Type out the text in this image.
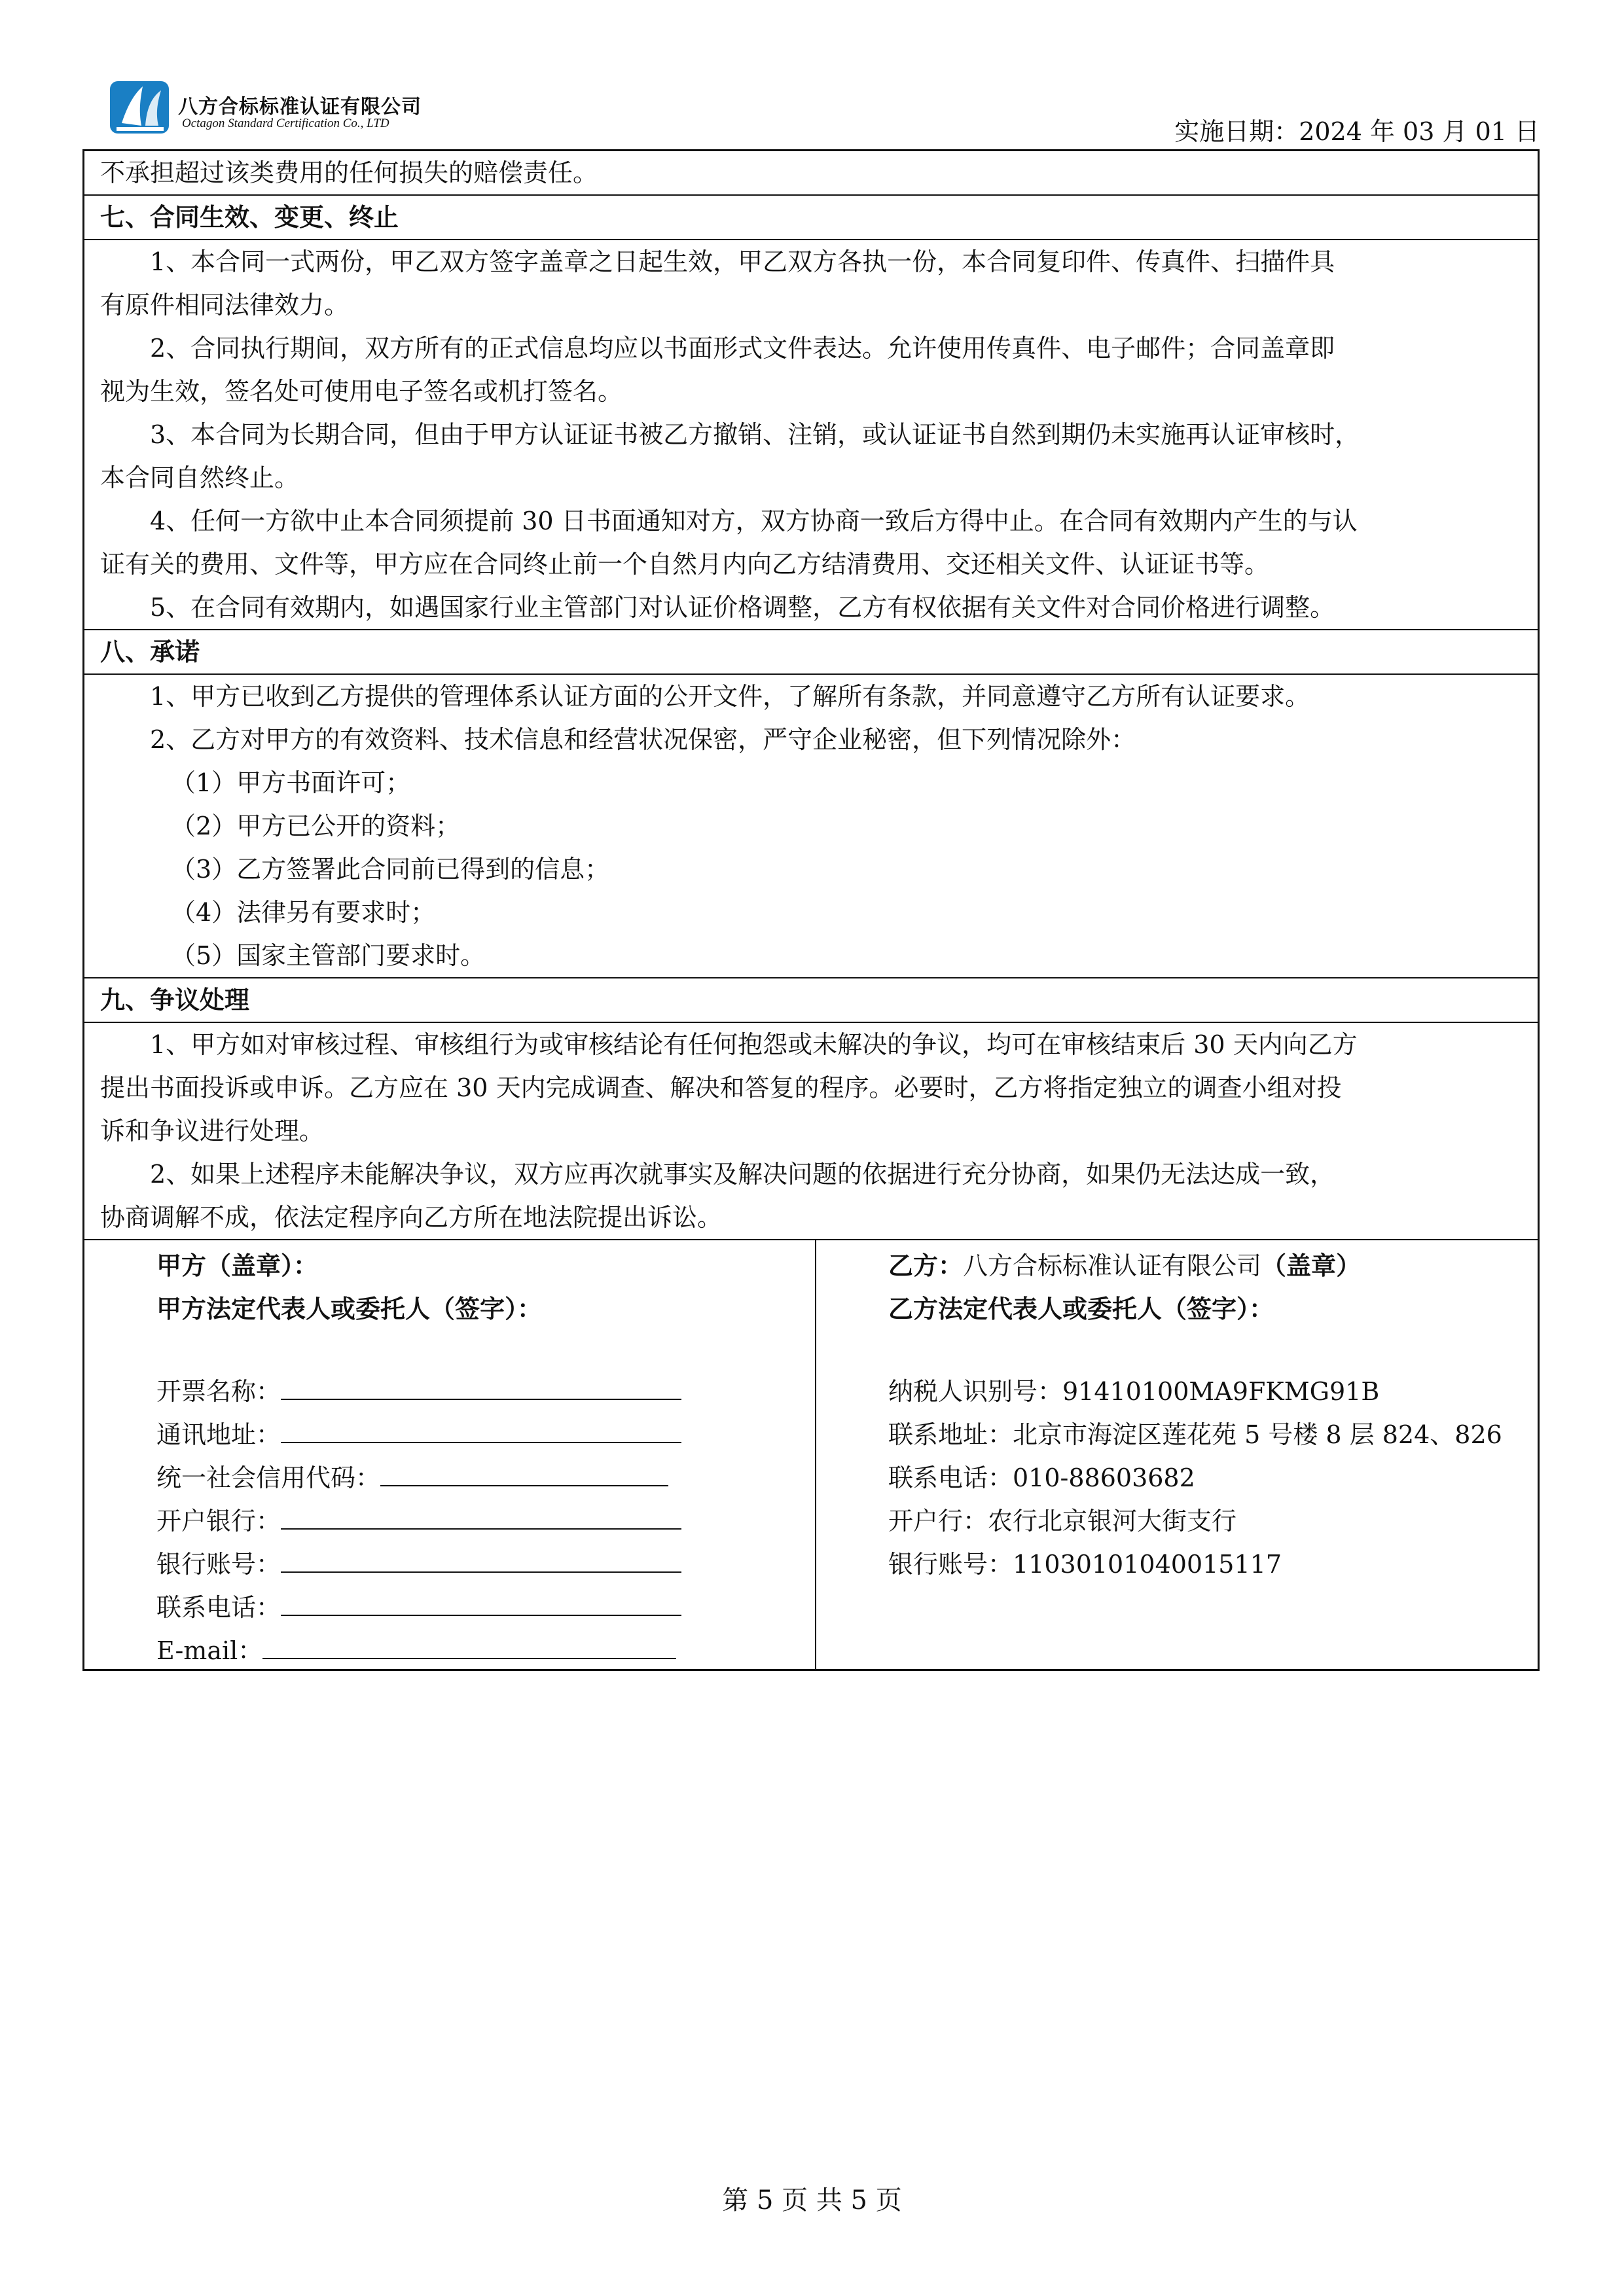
八方合标标准认证有限公司
Octagon Standard Certification Co., LTD	实施日期：2024 年 03 月 01 日
不承担超过该类费用的任何损失的赔偿责任。
七、合同生效、变更、终止

1、本合同一式两份，甲乙双方签字盖章之日起生效，甲乙双方各执一份，本合同复印件、传真件、扫描件具
有原件相同法律效力。

2、合同执行期间，双方所有的正式信息均应以书面形式文件表达。允许使用传真件、电子邮件；合同盖章即
视为生效，签名处可使用电子签名或机打签名。

3、本合同为长期合同，但由于甲方认证证书被乙方撤销、注销，或认证证书自然到期仍未实施再认证审核时，
本合同自然终止。

4、任何一方欲中止本合同须提前 30 日书面通知对方，双方协商一致后方得中止。在合同有效期内产生的与认
证有关的费用、文件等，甲方应在合同终止前一个自然月内向乙方结清费用、交还相关文件、认证证书等。

5、在合同有效期内，如遇国家行业主管部门对认证价格调整，乙方有权依据有关文件对合同价格进行调整。

八、承诺

1、甲方已收到乙方提供的管理体系认证方面的公开文件，了解所有条款，并同意遵守乙方所有认证要求。

2、乙方对甲方的有效资料、技术信息和经营状况保密，严守企业秘密，但下列情况除外：

（1）甲方书面许可；

（2）甲方已公开的资料；

（3）乙方签署此合同前已得到的信息；

（4）法律另有要求时；

（5）国家主管部门要求时。

九、争议处理

1、甲方如对审核过程、审核组行为或审核结论有任何抱怨或未解决的争议，均可在审核结束后 30 天内向乙方
提出书面投诉或申诉。乙方应在 30 天内完成调查、解决和答复的程序。必要时，乙方将指定独立的调查小组对投
诉和争议进行处理。

2、如果上述程序未能解决争议，双方应再次就事实及解决问题的依据进行充分协商，如果仍无法达成一致，
协商调解不成，依法定程序向乙方所在地法院提出诉讼。

甲方（盖章）：
甲方法定代表人或委托人（签字）：
开票名称：
通讯地址：
统一社会信用代码：
开户银行：
银行账号：
联系电话：
E-mail：
乙方：八方合标标准认证有限公司（盖章）
乙方法定代表人或委托人（签字）：
纳税人识别号：91410100MA9FKMG91B
联系地址：北京市海淀区莲花苑 5 号楼 8 层 824、826
联系电话：010-88603682
开户行：农行北京银河大街支行
银行账号：11030101040015117
第 5 页 共 5 页
